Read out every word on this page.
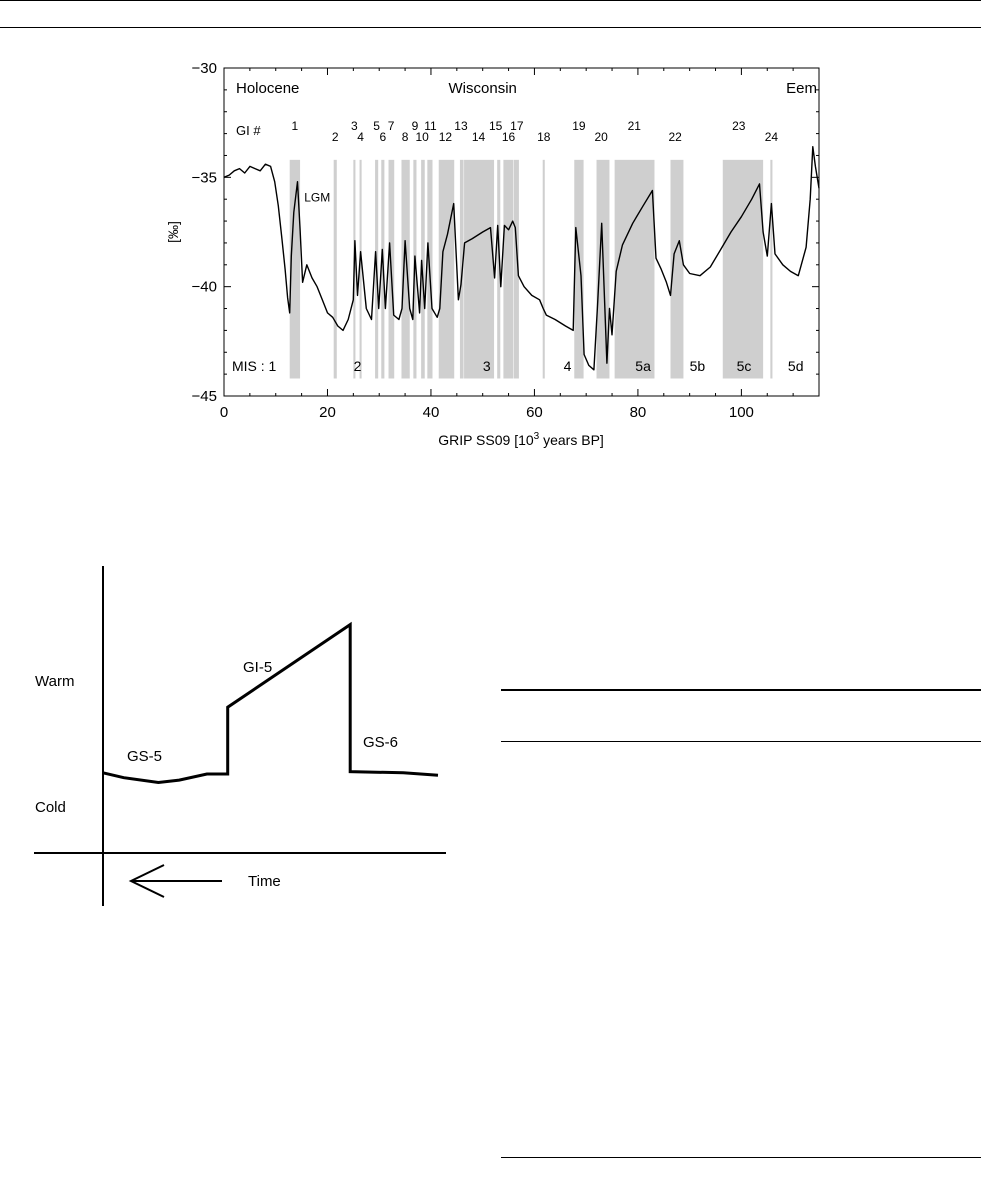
0	20	40	60	80	100
−30
−35
−40
−45
Holocene	Wisconsin	Eem
GI #	1
2
3
4
5
6
7
8
9
10
11
12
13
14
15
16
17
18
19
20
21
22
23
24
MIS : 1	2	3	4	5a	5b 5c	5d
LGM
[‰]
GRIP SS09 [$10^3$ years BP]
Warm
Cold
GS-5
GI-5
GS-6
Time
